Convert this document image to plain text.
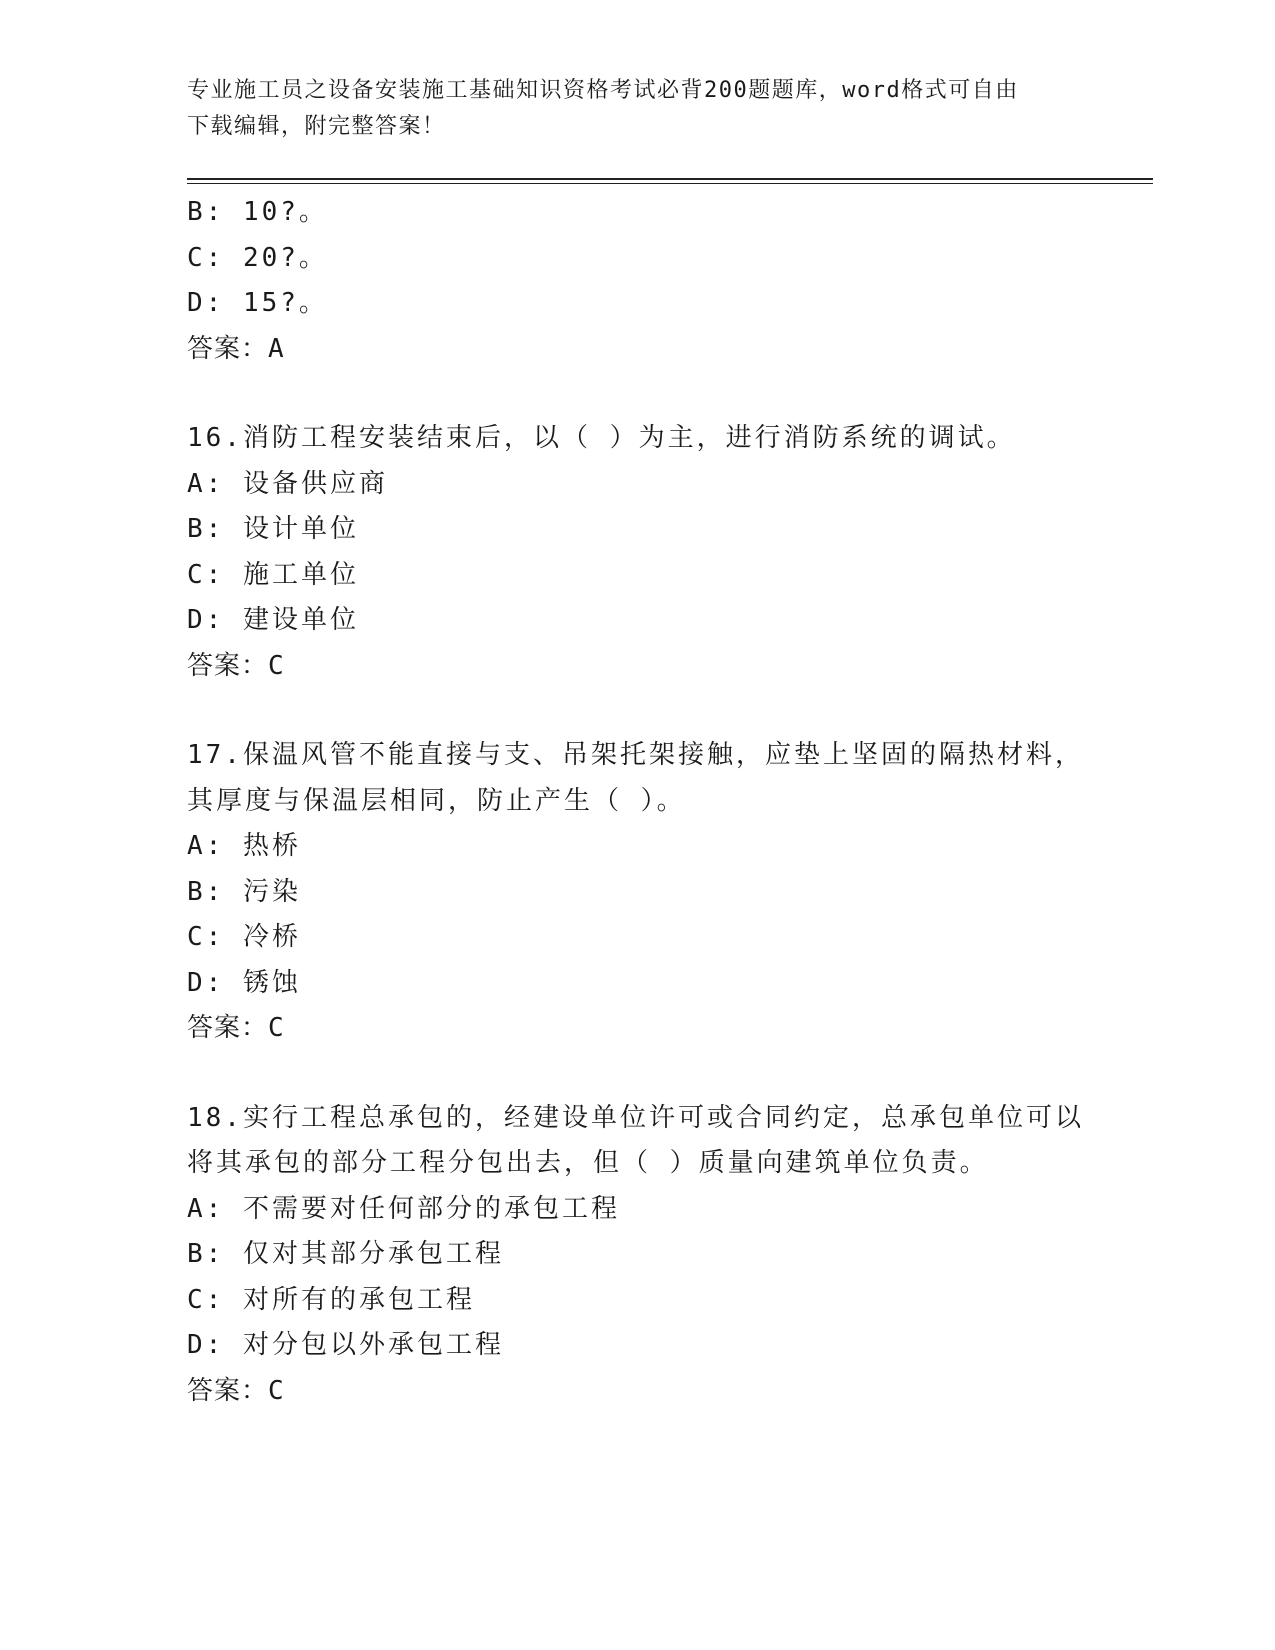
专业施工员之设备安装施工基础知识资格考试必背200题题库，word格式可自由
下载编辑，附完整答案！
B: 10?。
C: 20?。
D: 15?。
答案：A
16.消防工程安装结束后，以（ ）为主，进行消防系统的调试。
A: 设备供应商
B: 设计单位
C: 施工单位
D: 建设单位
答案：C
17.保温风管不能直接与支、吊架托架接触，应垫上坚固的隔热材料，
其厚度与保温层相同，防止产生（ ）。
A: 热桥
B: 污染
C: 冷桥
D: 锈蚀
答案：C
18.实行工程总承包的，经建设单位许可或合同约定，总承包单位可以
将其承包的部分工程分包出去，但（ ）质量向建筑单位负责。
A: 不需要对任何部分的承包工程
B: 仅对其部分承包工程
C: 对所有的承包工程
D: 对分包以外承包工程
答案：C
